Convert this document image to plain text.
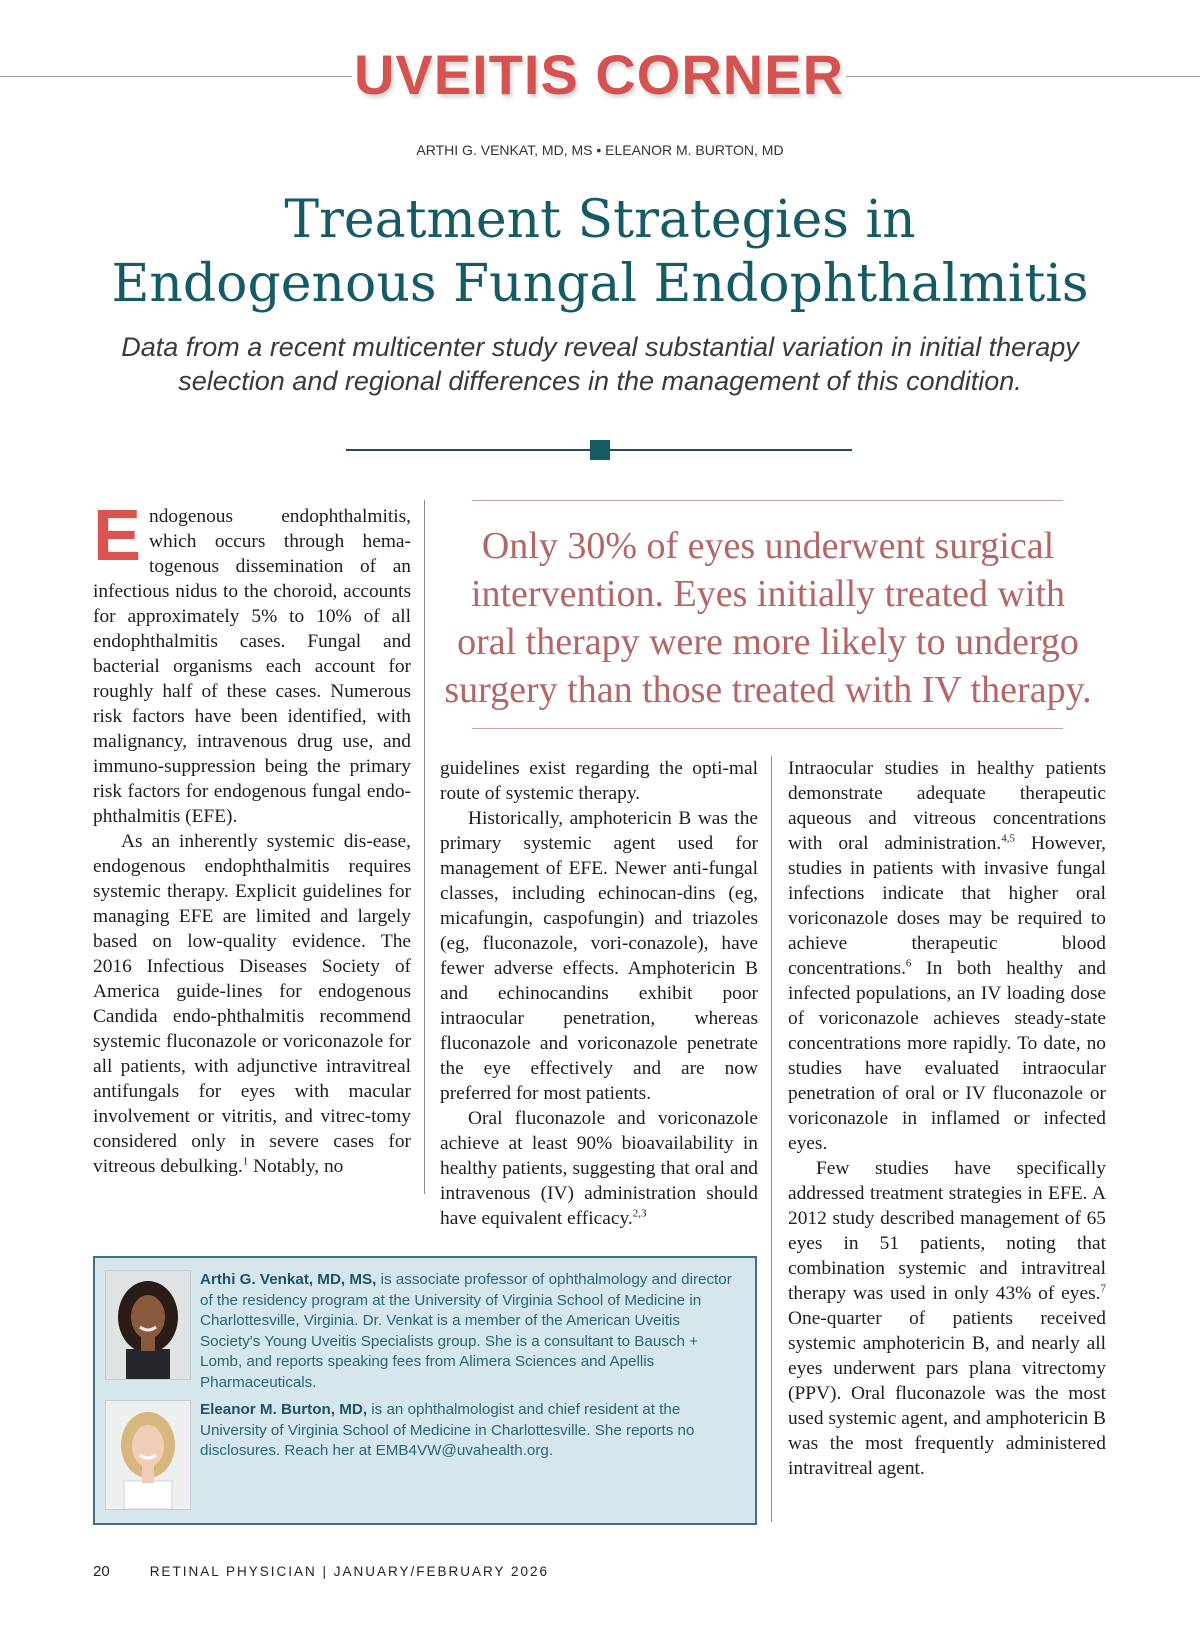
UVEITIS CORNER
ARTHI G. VENKAT, MD, MS • ELEANOR M. BURTON, MD
Treatment Strategies in
Endogenous Fungal Endophthalmitis
Data from a recent multicenter study reveal substantial variation in initial therapy
selection and regional differences in the management of this condition.

Endogenous endophthalmitis, which occurs through hema-togenous dissemination of an infectious nidus to the choroid, accounts for approximately 5% to 10% of all endophthalmitis cases. Fungal and bacterial organisms each account for roughly half of these cases. Numerous risk factors have been identified, with malignancy, intravenous drug use, and immuno-suppression being the primary risk factors for endogenous fungal endo-phthalmitis (EFE).

As an inherently systemic dis-ease, endogenous endophthalmitis requires systemic therapy. Explicit guidelines for managing EFE are limited and largely based on low-quality evidence. The 2016 Infectious Diseases Society of America guide-lines for endogenous Candida endo-phthalmitis recommend systemic fluconazole or voriconazole for all patients, with adjunctive intravitreal antifungals for eyes with macular involvement or vitritis, and vitrec-tomy considered only in severe cases for vitreous debulking.$^1$ Notably, no

Only 30% of eyes underwent surgical
intervention. Eyes initially treated with
oral therapy were more likely to undergo
surgery than those treated with IV therapy.

guidelines exist regarding the opti-mal route of systemic therapy.

Historically, amphotericin B was the primary systemic agent used for management of EFE. Newer anti-fungal classes, including echinocan-dins (eg, micafungin, caspofungin) and triazoles (eg, fluconazole, vori-conazole), have fewer adverse effects. Amphotericin B and echinocandins exhibit poor intraocular penetration, whereas fluconazole and voriconazole penetrate the eye effectively and are now preferred for most patients.

Oral fluconazole and voriconazole achieve at least 90% bioavailability in healthy patients, suggesting that oral and intravenous (IV) administration should have equivalent efficacy.$^{2,3}$

Intraocular studies in healthy patients demonstrate adequate therapeutic aqueous and vitreous concentrations with oral administration.$^{4,5}$ However, studies in patients with invasive fungal infections indicate that higher oral voriconazole doses may be required to achieve therapeutic blood concentrations.$^6$ In both healthy and infected populations, an IV loading dose of voriconazole achieves steady-state concentrations more rapidly. To date, no studies have evaluated intraocular penetration of oral or IV fluconazole or voriconazole in inflamed or infected eyes.

Few studies have specifically addressed treatment strategies in EFE. A 2012 study described management of 65 eyes in 51 patients, noting that combination systemic and intravitreal therapy was used in only 43% of eyes.$^7$ One-quarter of patients received systemic amphotericin B, and nearly all eyes underwent pars plana vitrectomy (PPV). Oral fluconazole was the most used systemic agent, and amphotericin B was the most frequently administered intravitreal agent.

Arthi G. Venkat, MD, MS, is associate professor of ophthalmology and director of the residency program at the University of Virginia School of Medicine in Charlottesville, Virginia. Dr. Venkat is a member of the American Uveitis Society's Young Uveitis Specialists group. She is a consultant to Bausch + Lomb, and reports speaking fees from Alimera Sciences and Apellis Pharmaceuticals.
Eleanor M. Burton, MD, is an ophthalmologist and chief resident at the University of Virginia School of Medicine in Charlottesville. She reports no disclosures. Reach her at EMB4VW@uvahealth.org.
20	RETINAL PHYSICIAN | JANUARY/FEBRUARY 2026
